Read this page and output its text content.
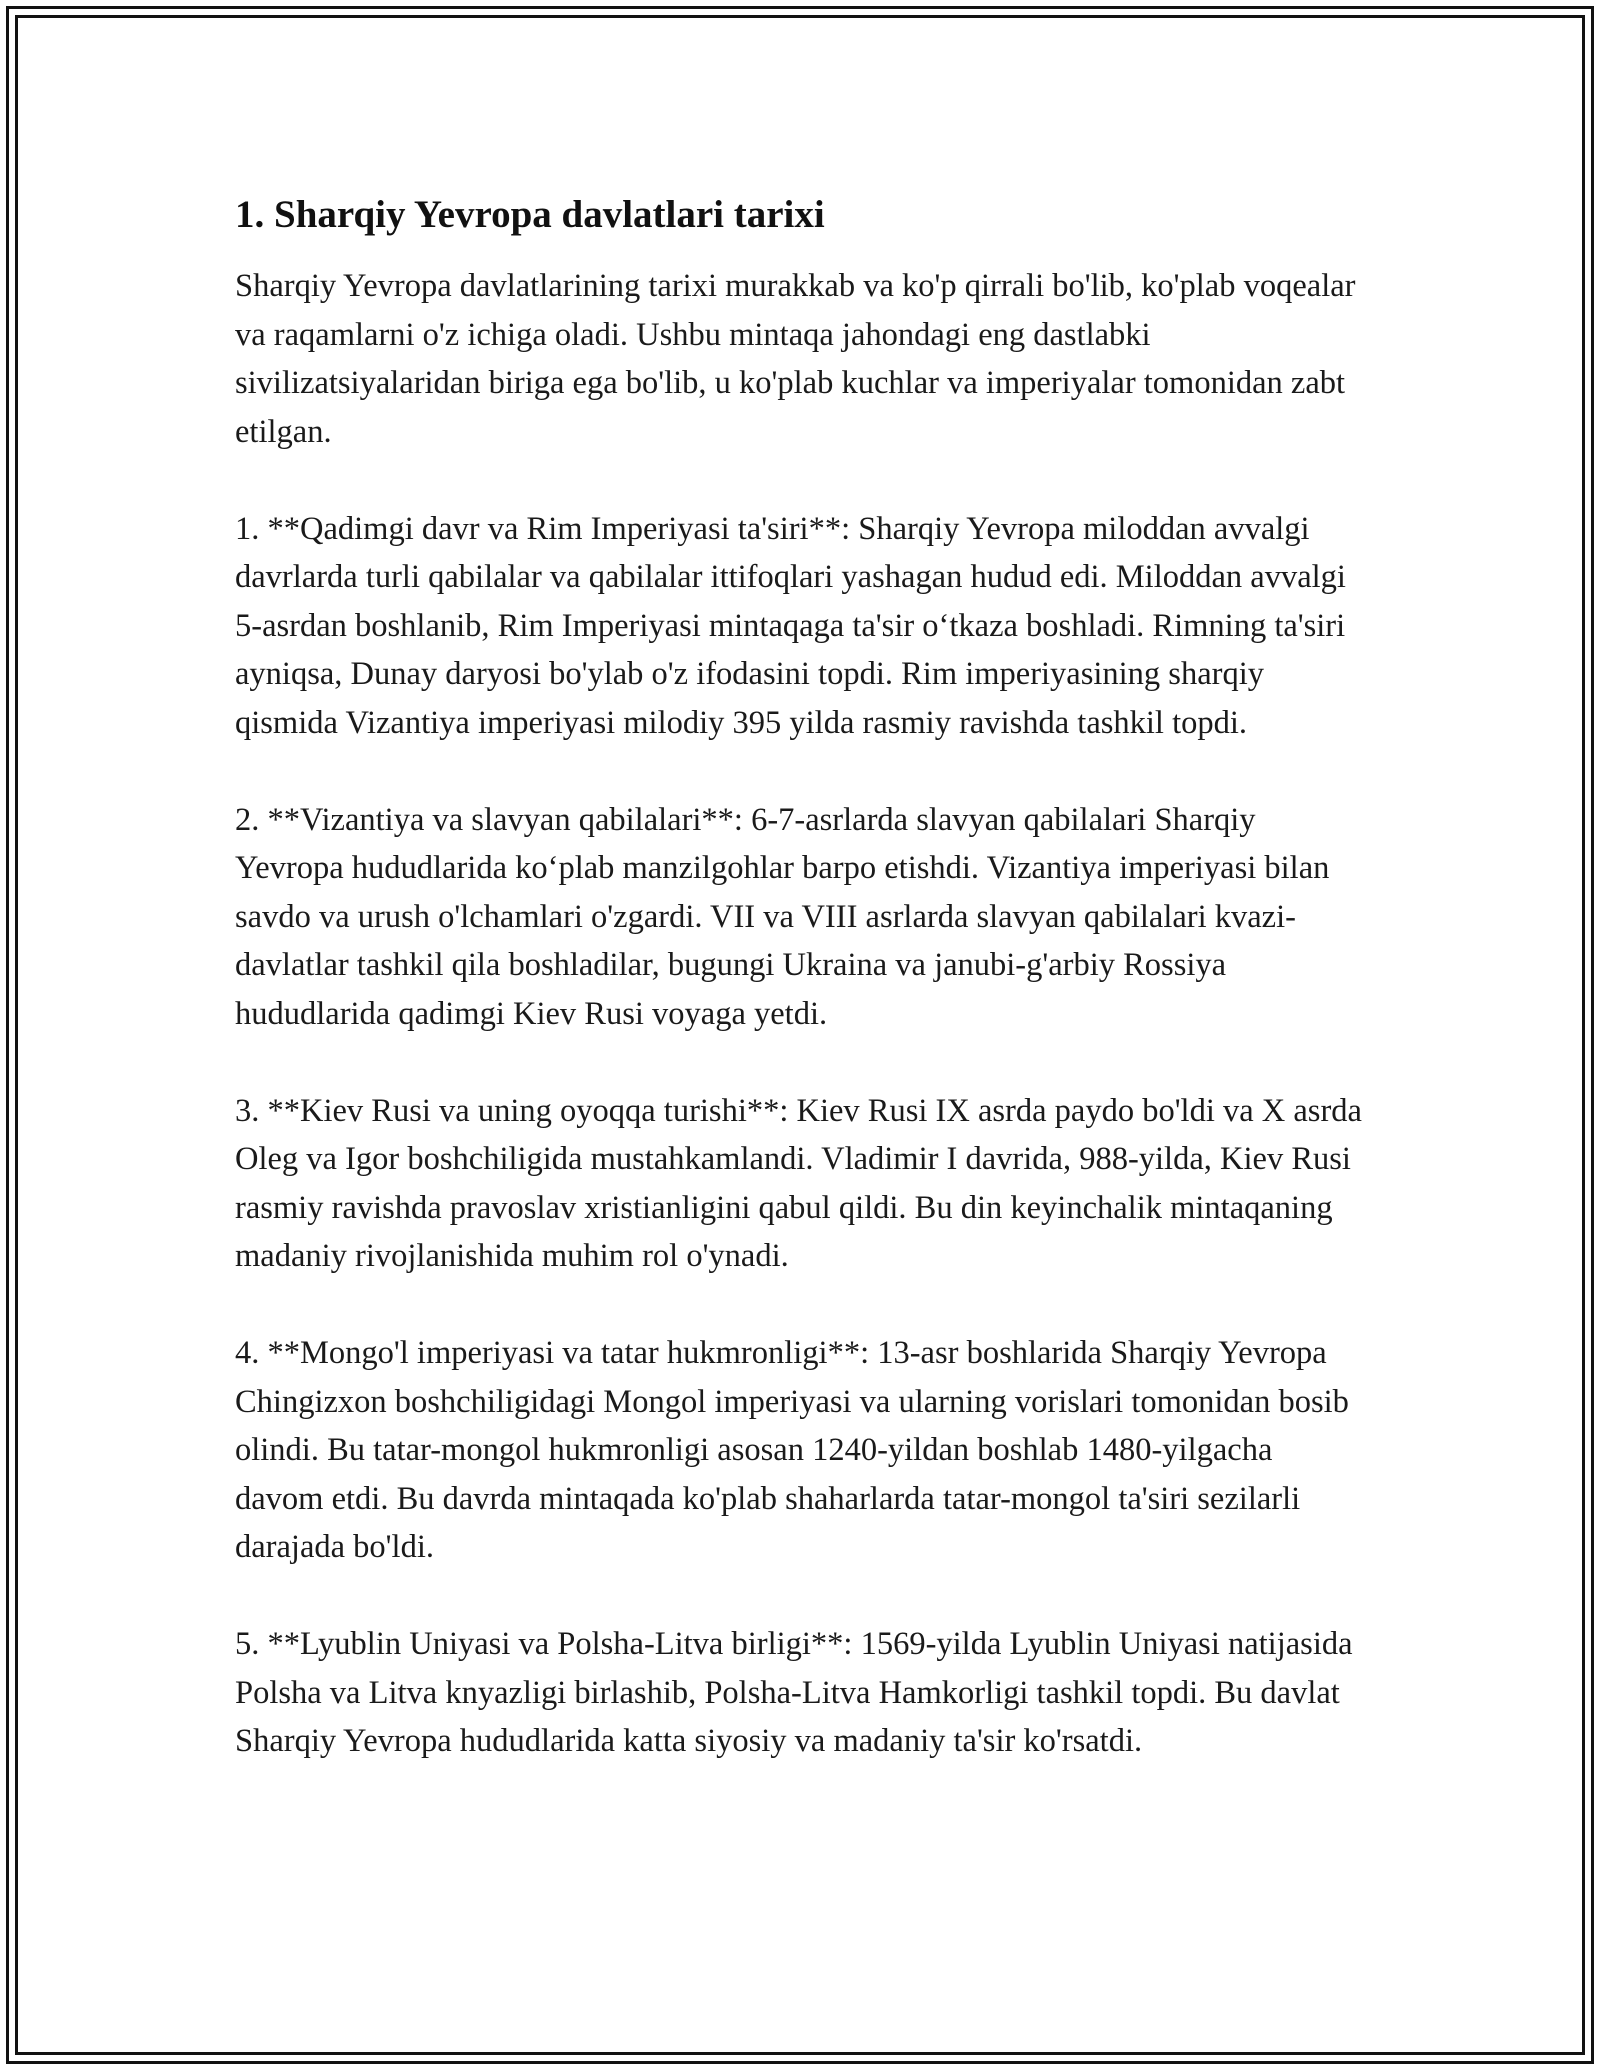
1. Sharqiy Yevropa davlatlari tarixi

Sharqiy Yevropa davlatlarining tarixi murakkab va ko'p qirrali bo'lib, ko'plab voqealar va raqamlarni o'z ichiga oladi. Ushbu mintaqa jahondagi eng dastlabki sivilizatsiyalaridan biriga ega bo'lib, u ko'plab kuchlar va imperiyalar tomonidan zabt etilgan.

1. **Qadimgi davr va Rim Imperiyasi ta'siri**: Sharqiy Yevropa miloddan avvalgi davrlarda turli qabilalar va qabilalar ittifoqlari yashagan hudud edi. Miloddan avvalgi 5-asrdan boshlanib, Rim Imperiyasi mintaqaga ta'sir o‘tkaza boshladi. Rimning ta'siri ayniqsa, Dunay daryosi bo'ylab o'z ifodasini topdi. Rim imperiyasining sharqiy qismida Vizantiya imperiyasi milodiy 395 yilda rasmiy ravishda tashkil topdi.

2. **Vizantiya va slavyan qabilalari**: 6-7-asrlarda slavyan qabilalari Sharqiy Yevropa hududlarida ko‘plab manzilgohlar barpo etishdi. Vizantiya imperiyasi bilan savdo va urush o'lchamlari o'zgardi. VII va VIII asrlarda slavyan qabilalari kvazi-davlatlar tashkil qila boshladilar, bugungi Ukraina va janubi-g'arbiy Rossiya hududlarida qadimgi Kiev Rusi voyaga yetdi.

3. **Kiev Rusi va uning oyoqqa turishi**: Kiev Rusi IX asrda paydo bo'ldi va X asrda Oleg va Igor boshchiligida mustahkamlandi. Vladimir I davrida, 988-yilda, Kiev Rusi rasmiy ravishda pravoslav xristianligini qabul qildi. Bu din keyinchalik mintaqaning madaniy rivojlanishida muhim rol o'ynadi.

4. **Mongo'l imperiyasi va tatar hukmronligi**: 13-asr boshlarida Sharqiy Yevropa Chingizxon boshchiligidagi Mongol imperiyasi va ularning vorislari tomonidan bosib olindi. Bu tatar-mongol hukmronligi asosan 1240-yildan boshlab 1480-yilgacha davom etdi. Bu davrda mintaqada ko'plab shaharlarda tatar-mongol ta'siri sezilarli darajada bo'ldi.

5. **Lyublin Uniyasi va Polsha-Litva birligi**: 1569-yilda Lyublin Uniyasi natijasida Polsha va Litva knyazligi birlashib, Polsha-Litva Hamkorligi tashkil topdi. Bu davlat Sharqiy Yevropa hududlarida katta siyosiy va madaniy ta'sir ko'rsatdi.
